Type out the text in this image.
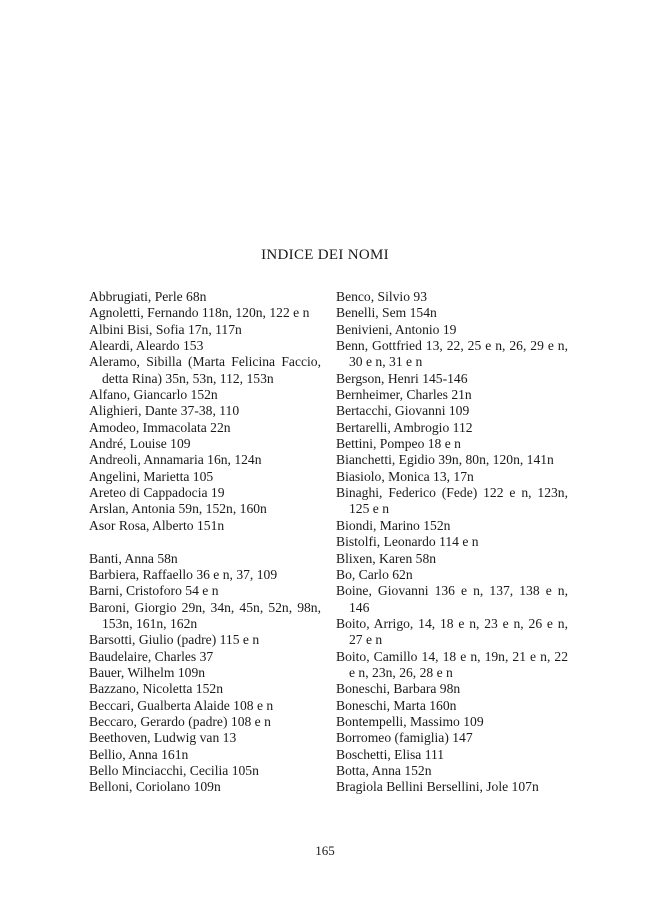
INDICE DEI NOMI
Abbrugiati, Perle 68n
Agnoletti, Fernando 118n, 120n, 122 e n
Albini Bisi, Sofia 17n, 117n
Aleardi, Aleardo 153
Aleramo, Sibilla (Marta Felicina Faccio, detta Rina) 35n, 53n, 112, 153n
Alfano, Giancarlo 152n
Alighieri, Dante 37-38, 110
Amodeo, Immacolata 22n
André, Louise 109
Andreoli, Annamaria 16n, 124n
Angelini, Marietta 105
Areteo di Cappadocia 19
Arslan, Antonia 59n, 152n, 160n
Asor Rosa, Alberto 151n
Banti, Anna 58n
Barbiera, Raffaello 36 e n, 37, 109
Barni, Cristoforo 54 e n
Baroni, Giorgio 29n, 34n, 45n, 52n, 98n, 153n, 161n, 162n
Barsotti, Giulio (padre) 115 e n
Baudelaire, Charles 37
Bauer, Wilhelm 109n
Bazzano, Nicoletta 152n
Beccari, Gualberta Alaide 108 e n
Beccaro, Gerardo (padre) 108 e n
Beethoven, Ludwig van 13
Bellio, Anna 161n
Bello Minciacchi, Cecilia 105n
Belloni, Coriolano 109n
Benco, Silvio 93
Benelli, Sem 154n
Benivieni, Antonio 19
Benn, Gottfried 13, 22, 25 e n, 26, 29 e n, 30 e n, 31 e n
Bergson, Henri 145-146
Bernheimer, Charles 21n
Bertacchi, Giovanni 109
Bertarelli, Ambrogio 112
Bettini, Pompeo 18 e n
Bianchetti, Egidio 39n, 80n, 120n, 141n
Biasiolo, Monica 13, 17n
Binaghi, Federico (Fede) 122 e n, 123n, 125 e n
Biondi, Marino 152n
Bistolfi, Leonardo 114 e n
Blixen, Karen 58n
Bo, Carlo 62n
Boine, Giovanni 136 e n, 137, 138 e n, 146
Boito, Arrigo, 14, 18 e n, 23 e n, 26 e n, 27 e n
Boito, Camillo 14, 18 e n, 19n, 21 e n, 22 e n, 23n, 26, 28 e n
Boneschi, Barbara 98n
Boneschi, Marta 160n
Bontempelli, Massimo 109
Borromeo (famiglia) 147
Boschetti, Elisa 111
Botta, Anna 152n
Bragiola Bellini Bersellini, Jole 107n
165
